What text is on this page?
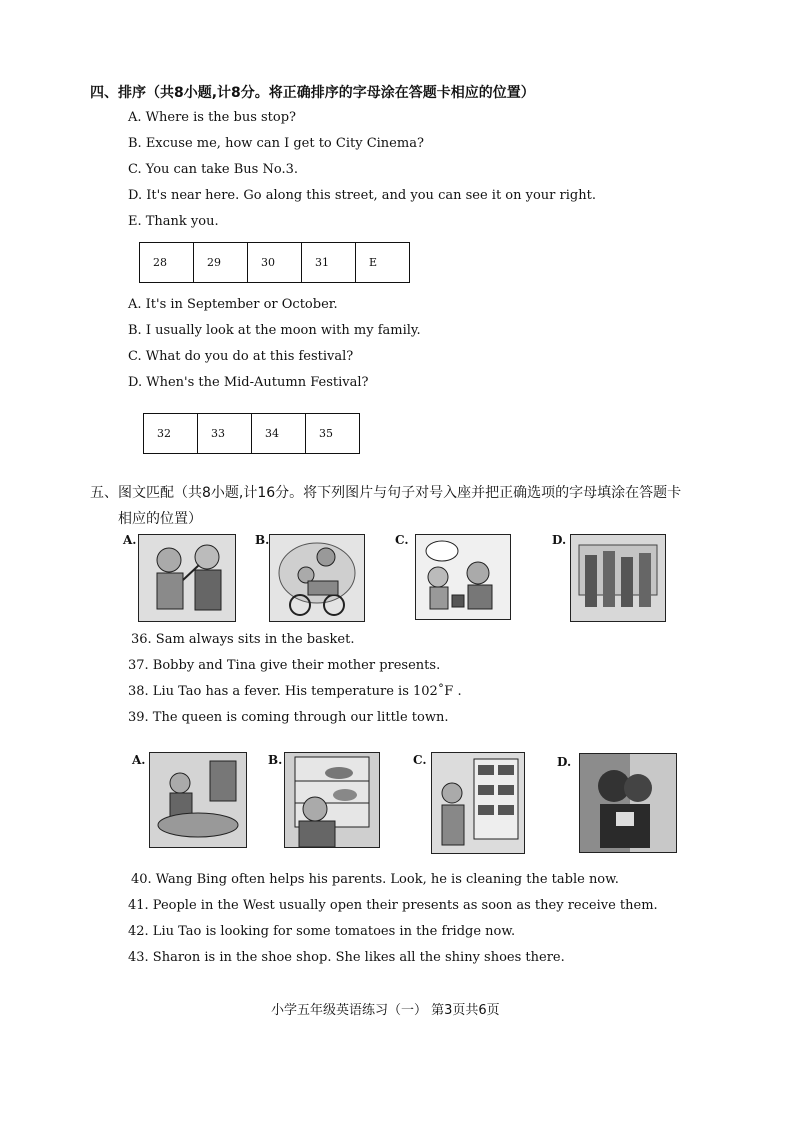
四、排序（共8小题,计8分。将正确排序的字母涂在答题卡相应的位置）
A. Where is the bus stop?
B. Excuse me, how can I get to City Cinema?
C. You can take Bus No.3.
D. It's near here. Go along this street, and you can see it on your right.
E. Thank you.
28	29	30	31	E
A. It's in September or October.
B. I usually look at the moon with my family.
C. What do you do at this festival?
D. When's the Mid-Autumn Festival?
32	33	34	35
五、图文匹配（共8小题,计16分。将下列图片与句子对号入座并把正确选项的字母填涂在答题卡
相应的位置）
A.	B.	C.	D.
36. Sam always sits in the basket.
37. Bobby and Tina give their mother presents.
38. Liu Tao has a fever. His temperature is 102˚F .
39. The queen is coming through our little town.
A.	B.	C.	D.
40. Wang Bing often helps his parents. Look, he is cleaning the table now.
41. People in the West usually open their presents as soon as they receive them.
42. Liu Tao is looking for some tomatoes in the fridge now.
43. Sharon is in the shoe shop. She likes all the shiny shoes there.
小学五年级英语练习（一） 第3页共6页
